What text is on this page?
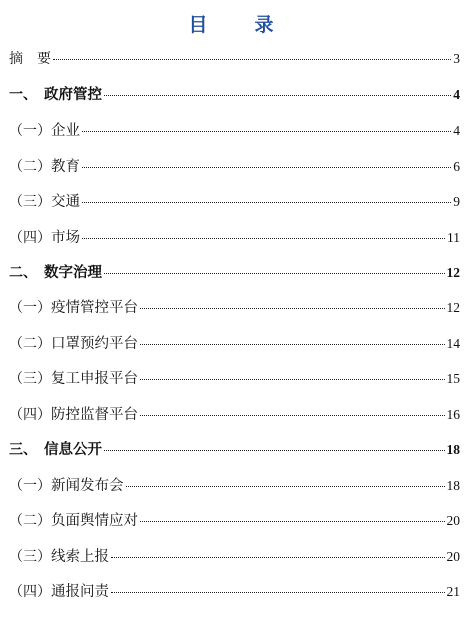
目　录
摘　要	3
一、　 政府管控	4
（一） 企业	4
（二） 教育	6
（三） 交通	9
（四） 市场	11
二、　 数字治理	12
（一） 疫情管控平台	12
（二） 口罩预约平台	14
（三） 复工申报平台	15
（四） 防控监督平台	16
三、　 信息公开	18
（一） 新闻发布会	18
（二） 负面舆情应对	20
（三） 线索上报	20
（四） 通报问责	21
